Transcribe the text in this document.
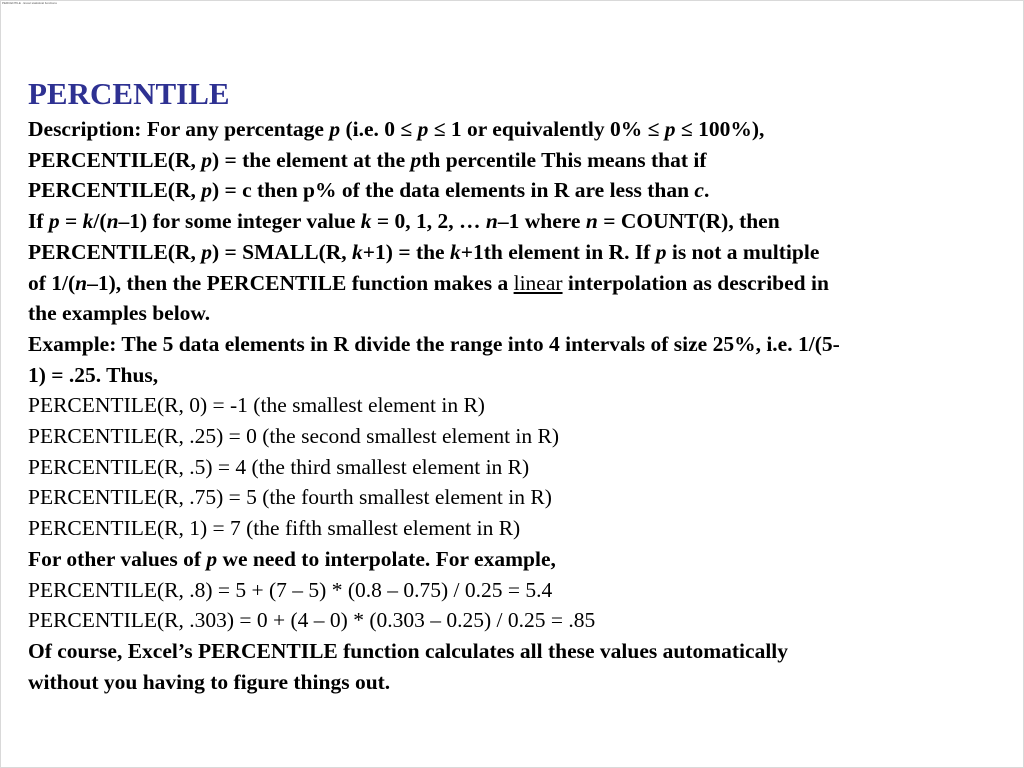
PERCENTILE · Excel statistical functions
PERCENTILE
Description: For any percentage p (i.e. 0 ≤ p ≤ 1 or equivalently 0% ≤ p ≤ 100%),
PERCENTILE(R, p) = the element at the pth percentile This means that if
PERCENTILE(R, p) = c then p% of the data elements in R are less than c.
If p = k/(n–1) for some integer value k = 0, 1, 2, … n–1 where n = COUNT(R), then
PERCENTILE(R, p) = SMALL(R, k+1) = the k+1th element in R. If p is not a multiple
of 1/(n–1), then the PERCENTILE function makes a linear interpolation as described in
the examples below.
Example: The 5 data elements in R divide the range into 4 intervals of size 25%, i.e. 1/(5-
1) = .25. Thus,
PERCENTILE(R, 0) = -1 (the smallest element in R)
PERCENTILE(R, .25) = 0 (the second smallest element in R)
PERCENTILE(R, .5) = 4 (the third smallest element in R)
PERCENTILE(R, .75) = 5 (the fourth smallest element in R)
PERCENTILE(R, 1) = 7 (the fifth smallest element in R)
For other values of p we need to interpolate. For example,
PERCENTILE(R, .8) = 5 + (7 – 5) * (0.8 – 0.75) / 0.25 = 5.4
PERCENTILE(R, .303) = 0 + (4 – 0) * (0.303 – 0.25) / 0.25 = .85
Of course, Excel’s PERCENTILE function calculates all these values automatically
without you having to figure things out.
